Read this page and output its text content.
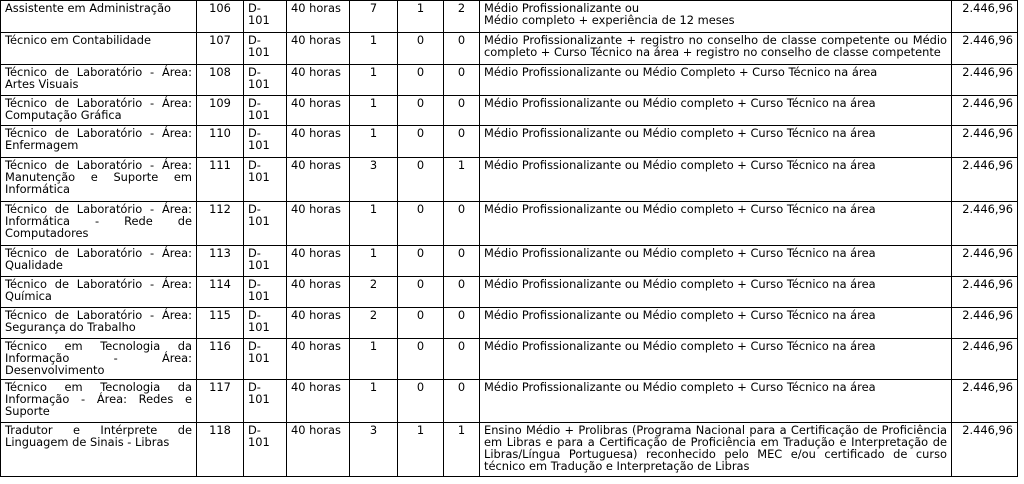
Assistente em Administração	106	D-101	40 horas	7	1	2	Médio Profissionalizante ou
Médio completo + experiência de 12 meses	2.446,96

Técnico em Contabilidade	107	D-101	40 horas	1	0	0	Médio Profissionalizante + registro no conselho de classe competente ou Médio completo + Curso Técnico na área + registro no conselho de classe competente	2.446,96

Técnico de Laboratório - Área: Artes Visuais	108	D-101	40 horas	1	0	0	Médio Profissionalizante ou Médio Completo + Curso Técnico na área	2.446,96

Técnico de Laboratório - Área: Computação Gráfica	109	D-101	40 horas	1	0	0	Médio Profissionalizante ou Médio completo + Curso Técnico na área	2.446,96

Técnico de Laboratório - Área: Enfermagem	110	D-101	40 horas	1	0	0	Médio Profissionalizante ou Médio completo + Curso Técnico na área	2.446,96

Técnico de Laboratório - Área: Manutenção e Suporte em Informática	111	D-101	40 horas	3	0	1	Médio Profissionalizante ou Médio completo + Curso Técnico na área	2.446,96

Técnico de Laboratório - Área: Informática - Rede de Computadores	112	D-101	40 horas	1	0	0	Médio Profissionalizante ou Médio completo + Curso Técnico na área	2.446,96

Técnico de Laboratório - Área: Qualidade	113	D-101	40 horas	1	0	0	Médio Profissionalizante ou Médio completo + Curso Técnico na área	2.446,96

Técnico de Laboratório - Área: Química	114	D-101	40 horas	2	0	0	Médio Profissionalizante ou Médio completo + Curso Técnico na área	2.446,96

Técnico de Laboratório - Área: Segurança do Trabalho	115	D-101	40 horas	2	0	0	Médio Profissionalizante ou Médio completo + Curso Técnico na área	2.446,96

Técnico em Tecnologia da Informação - Área: Desenvolvimento	116	D-101	40 horas	1	0	0	Médio Profissionalizante ou Médio completo + Curso Técnico na área	2.446,96

Técnico em Tecnologia da Informação - Área: Redes e Suporte	117	D-101	40 horas	1	0	0	Médio Profissionalizante ou Médio completo + Curso Técnico na área	2.446,96

Tradutor e Intérprete de Linguagem de Sinais - Libras	118	D-101	40 horas	3	1	1	Ensino Médio + Prolibras (Programa Nacional para a Certificação de Proficiência em Libras e para a Certificação de Proficiência em Tradução e Interpretação de Libras/Língua Portuguesa) reconhecido pelo MEC e/ou certificado de curso técnico em Tradução e Interpretação de Libras	2.446,96
